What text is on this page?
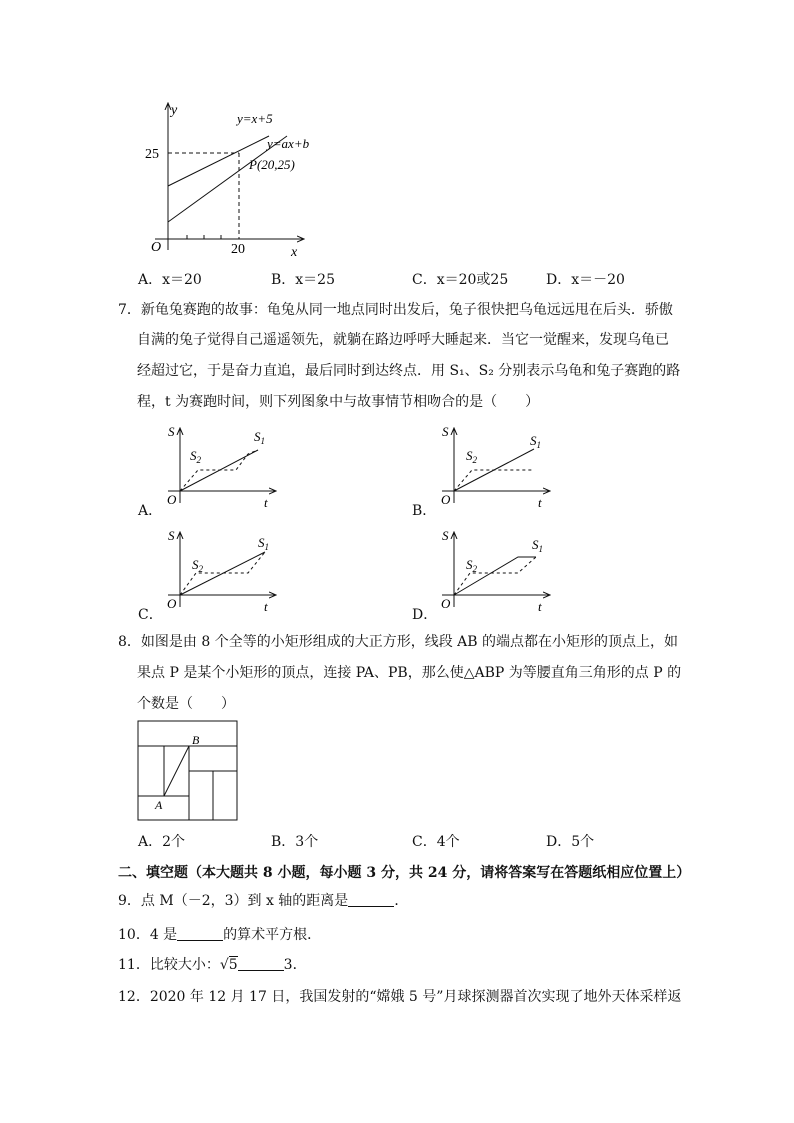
y
x
O
25
20
y=x+5
y=ax+b
P(20,25)
A．x＝20	B．x＝25	C．x＝20或25	D．x＝－20
7．新龟兔赛跑的故事：龟兔从同一地点同时出发后，兔子很快把乌龟远远甩在后头．骄傲
自满的兔子觉得自己遥遥领先，就躺在路边呼呼大睡起来．当它一觉醒来，发现乌龟已
经超过它，于是奋力直追，最后同时到达终点．用 S₁、S₂ 分别表示乌龟和兔子赛跑的路
程，t 为赛跑时间，则下列图象中与故事情节相吻合的是（　　）
S
t
O
$S_1$
$S_2$
S
t
O
$S_1$
$S_2$
A．	B．
S
t
O
$S_1$
$S_2$
S
t
O
$S_1$
$S_2$
C．	D．
8．如图是由 8 个全等的小矩形组成的大正方形，线段 AB 的端点都在小矩形的顶点上，如
果点 P 是某个小矩形的顶点，连接 PA、PB，那么使△ABP 为等腰直角三角形的点 P 的
个数是（　　）
B
A
A．2个	B．3个	C．4个	D．5个
二、填空题（本大题共 8 小题，每小题 3 分，共 24 分，请将答案写在答题纸相应位置上）
9．点 M（－2，3）到 x 轴的距离是	．
10．4 是	的算术平方根．
11．比较大小：√5	3．
12．2020 年 12 月 17 日，我国发射的“嫦娥 5 号”月球探测器首次实现了地外天体采样返
